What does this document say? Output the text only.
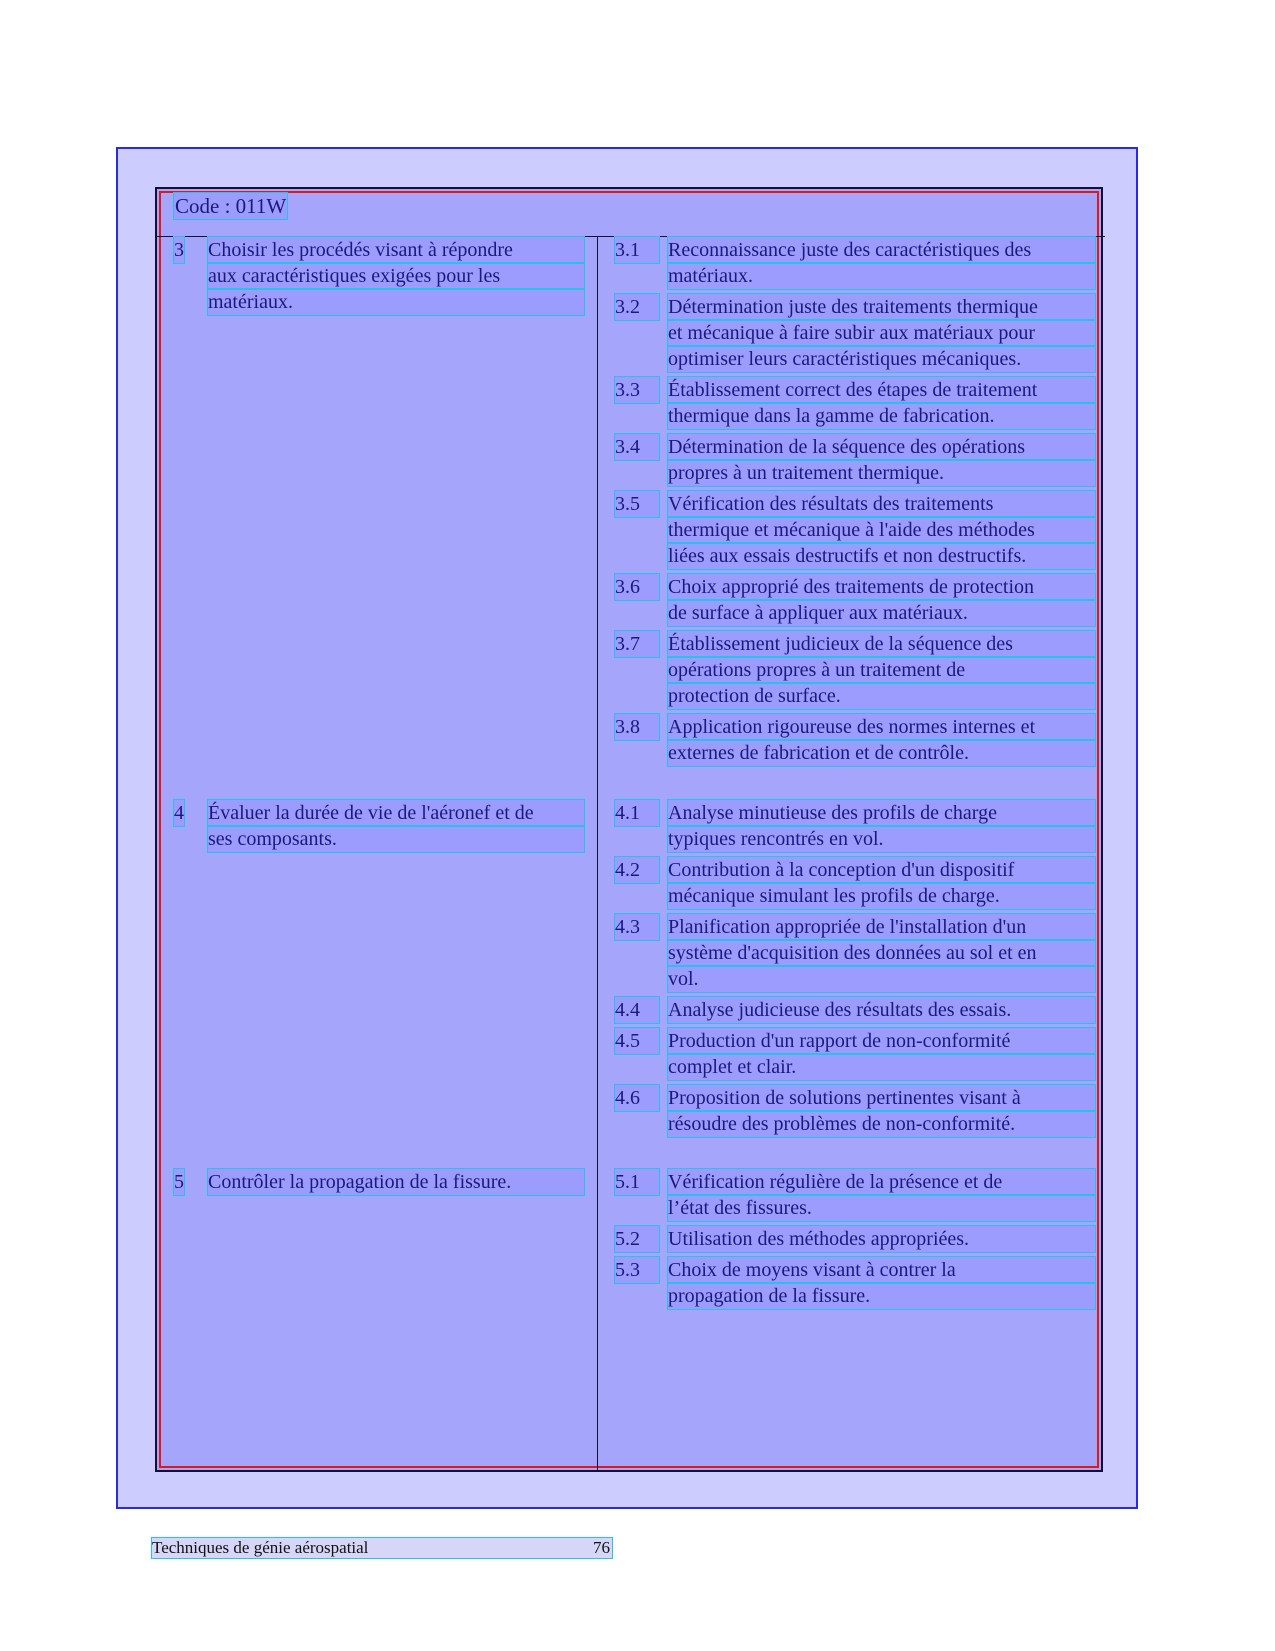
Code : 011W
3 Choisir les procédés visant à répondre
aux caractéristiques exigées pour les
matériaux.
3.1	Reconnaissance juste des caractéristiques des
matériaux.
3.2	Détermination juste des traitements thermique
et mécanique à faire subir aux matériaux pour
optimiser leurs caractéristiques mécaniques.
3.3	Établissement correct des étapes de traitement
thermique dans la gamme de fabrication.
3.4	Détermination de la séquence des opérations
propres à un traitement thermique.
3.5	Vérification des résultats des traitements
thermique et mécanique à l'aide des méthodes
liées aux essais destructifs et non destructifs.
3.6	Choix approprié des traitements de protection
de surface à appliquer aux matériaux.
3.7	Établissement judicieux de la séquence des
opérations propres à un traitement de
protection de surface.
3.8	Application rigoureuse des normes internes et
externes de fabrication et de contrôle.
4 Évaluer la durée de vie de l'aéronef et de
ses composants.
4.1	Analyse minutieuse des profils de charge
typiques rencontrés en vol.
4.2	Contribution à la conception d'un dispositif
mécanique simulant les profils de charge.
4.3	Planification appropriée de l'installation d'un
système d'acquisition des données au sol et en
vol.
4.4	Analyse judicieuse des résultats des essais.
4.5	Production d'un rapport de non-conformité
complet et clair.
4.6	Proposition de solutions pertinentes visant à
résoudre des problèmes de non-conformité.
5 Contrôler la propagation de la fissure.	5.1	Vérification régulière de la présence et de
l’état des fissures.
5.2	Utilisation des méthodes appropriées.
5.3	Choix de moyens visant à contrer la
propagation de la fissure.
Techniques de génie aérospatial	76
